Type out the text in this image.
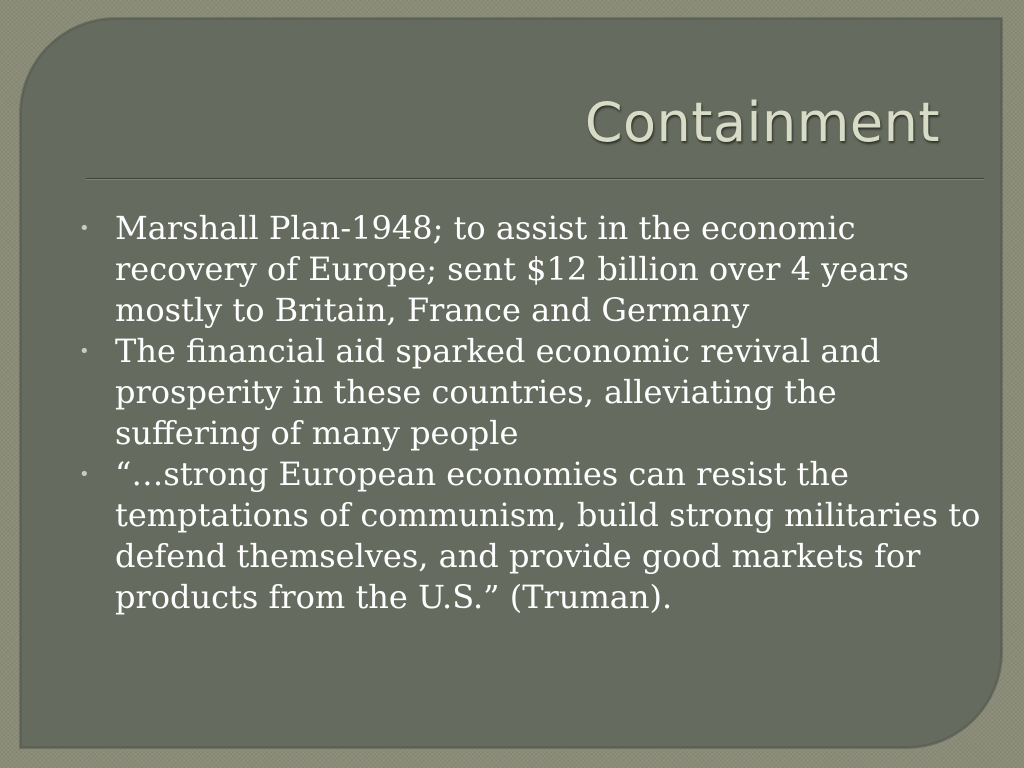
Containment
• Marshall Plan-1948; to assist in the economic recovery of Europe; sent $12 billion over 4 years mostly to Britain, France and Germany
• The financial aid sparked economic revival and prosperity in these countries, alleviating the suffering of many people
• “…strong European economies can resist the temptations of communism, build strong militaries to defend themselves, and provide good markets for products from the U.S.” (Truman).
